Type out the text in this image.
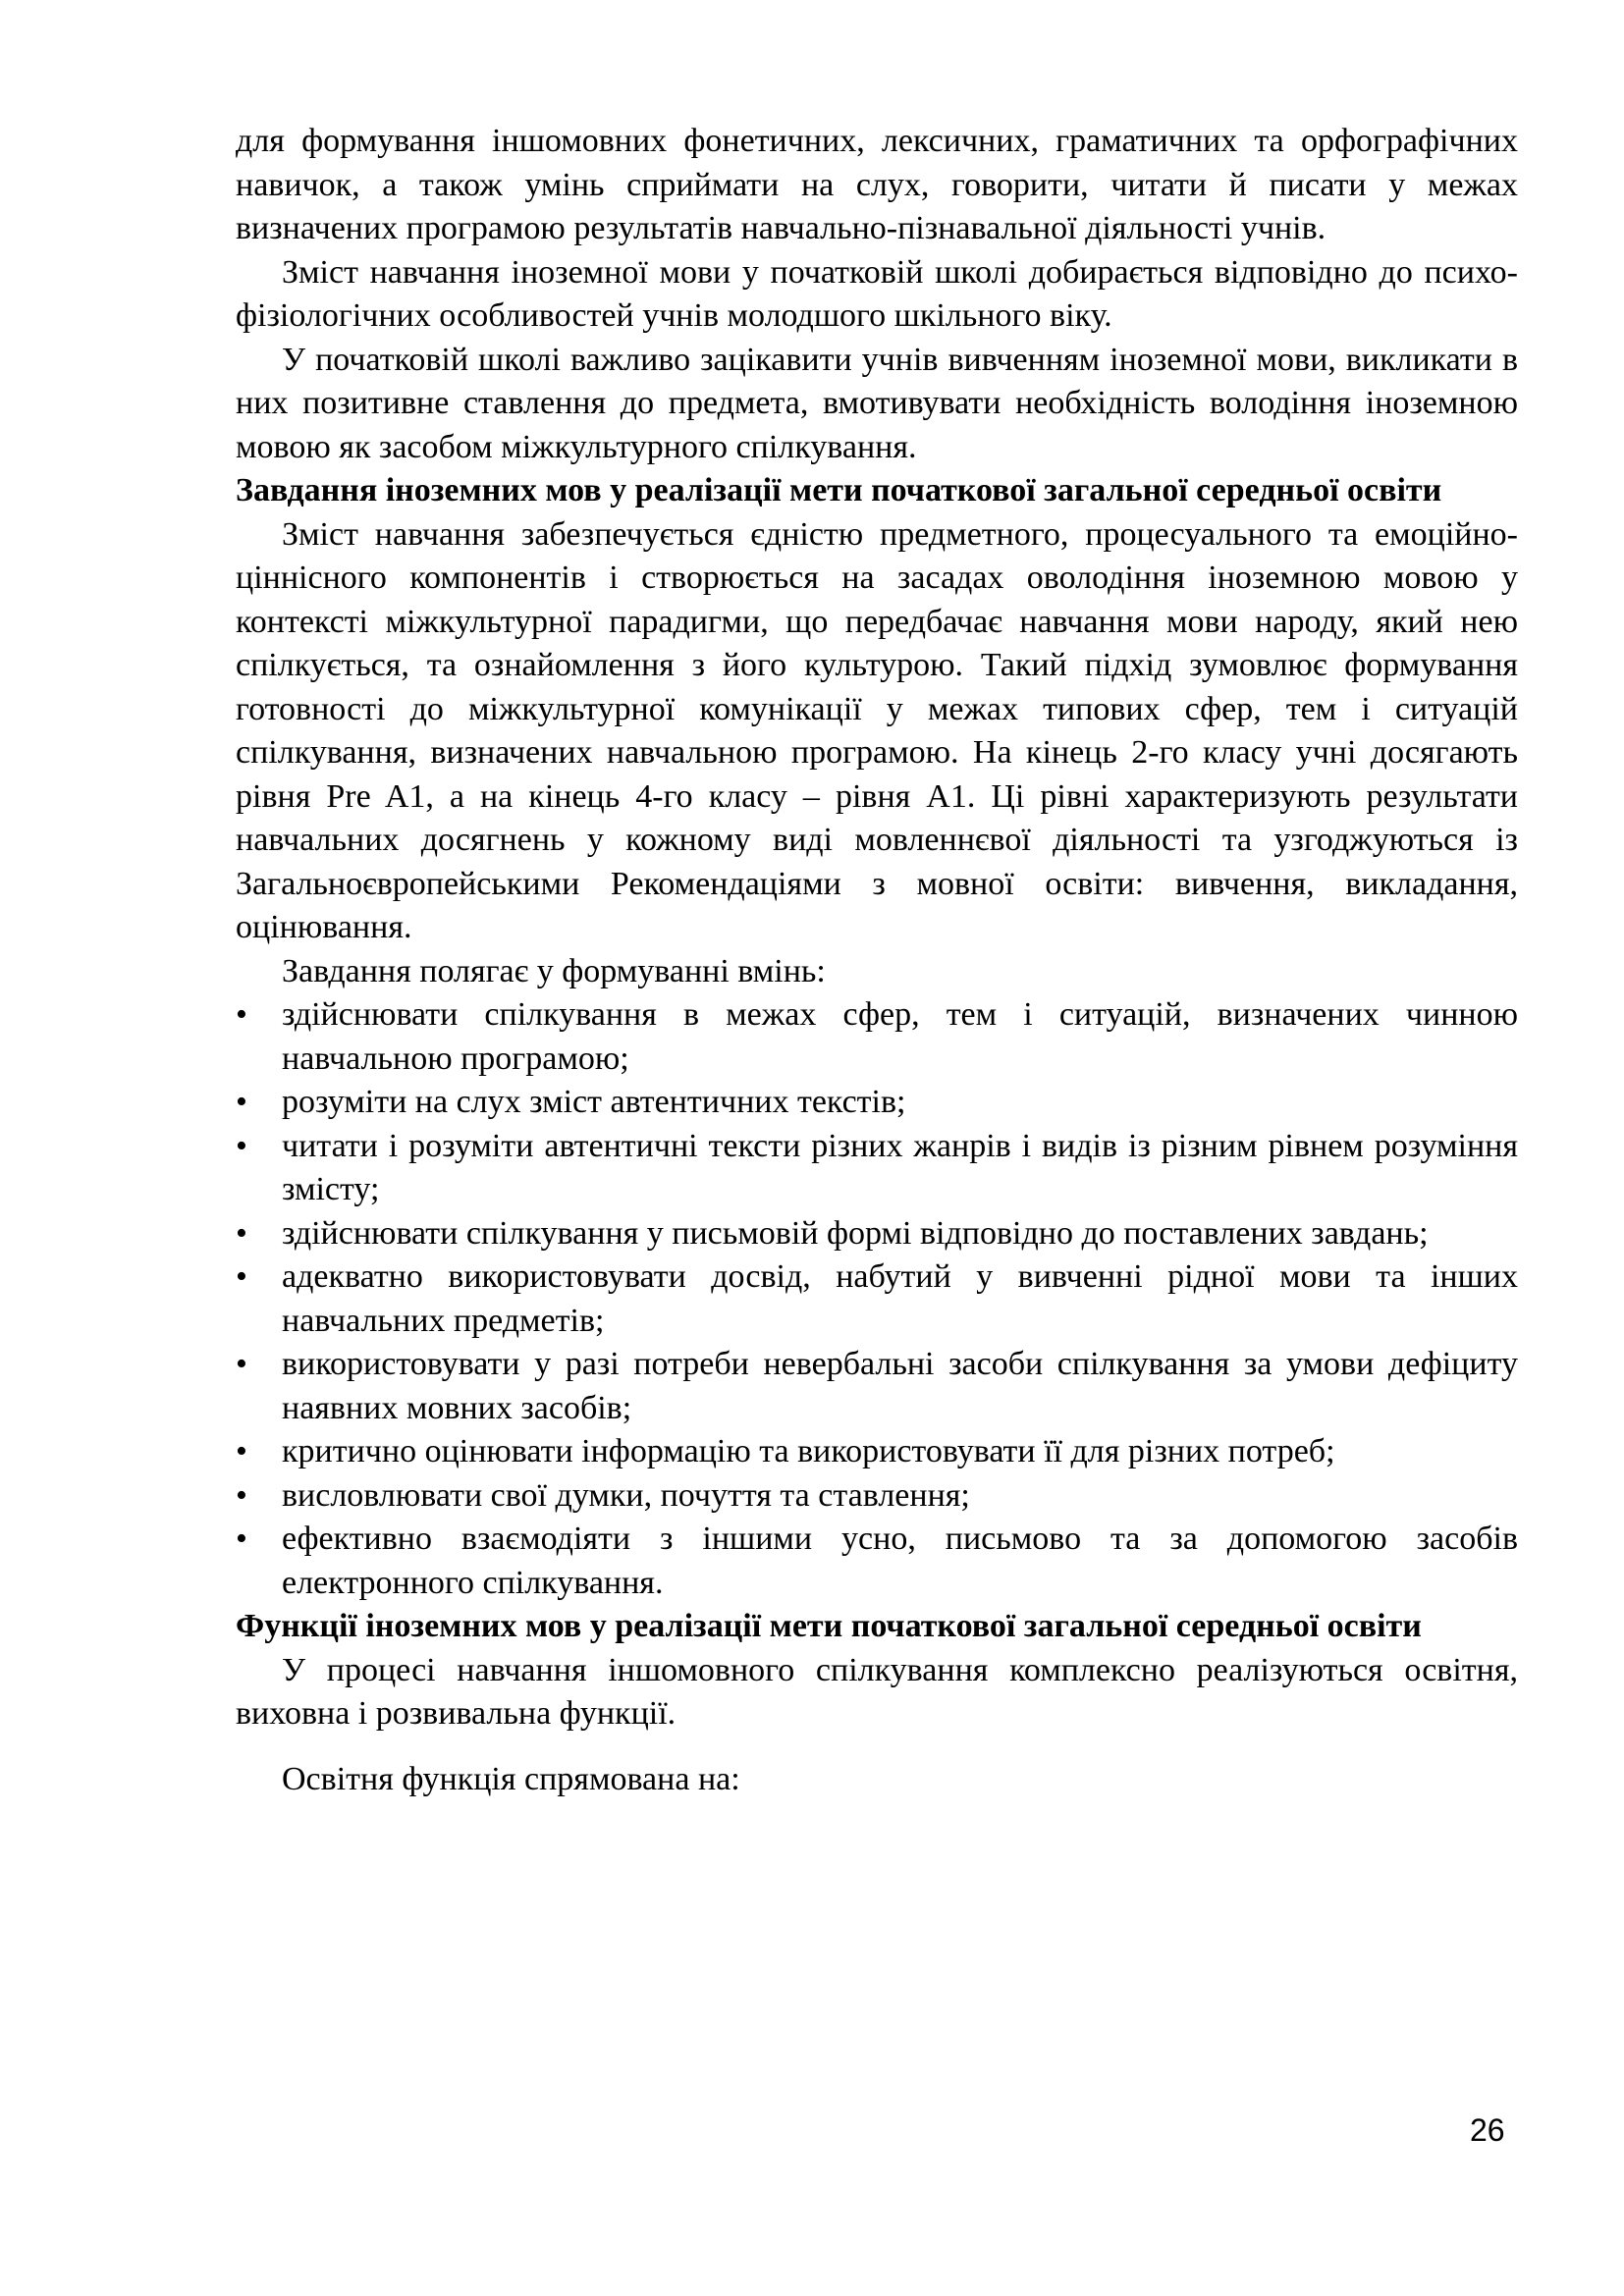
для формування іншомовних фонетичних, лексичних, граматичних та орфографічних навичок, а також умінь сприймати на слух, говорити, читати й писати у межах визначених програмою результатів навчально-пізнавальної діяльності учнів.

Зміст навчання іноземної мови у початковій школі добирається відповідно до психо-фізіологічних особливостей учнів молодшого шкільного віку.

У початковій школі важливо зацікавити учнів вивченням іноземної мови, викликати в них позитивне ставлення до предмета, вмотивувати необхідність володіння іноземною мовою як засобом міжкультурного спілкування.

Завдання іноземних мов у реалізації мети початкової загальної середньої освіти

Зміст навчання забезпечується єдністю предметного, процесуального та емоційно-ціннісного компонентів і створюється на засадах оволодіння іноземною мовою у контексті міжкультурної парадигми, що передбачає навчання мови народу, який нею спілкується, та ознайомлення з його культурою. Такий підхід зумовлює формування готовності до міжкультурної комунікації у межах типових сфер, тем і ситуацій спілкування, визначених навчальною програмою. На кінець 2-го класу учні досягають рівня Pre A1, а на кінець 4-го класу – рівня A1. Ці рівні характеризують результати навчальних досягнень у кожному виді мовленнєвої діяльності та узгоджуються із Загальноєвропейськими Рекомендаціями з мовної освіти: вивчення, викладання, оцінювання.

Завдання полягає у формуванні вмінь:

•	здійснювати спілкування в межах сфер, тем і ситуацій, визначених чинною навчальною програмою;
•	розуміти на слух зміст автентичних текстів;
•	читати і розуміти автентичні тексти різних жанрів і видів із різним рівнем розуміння змісту;
•	здійснювати спілкування у письмовій формі відповідно до поставлених завдань;
•	адекватно використовувати досвід, набутий у вивченні рідної мови та інших навчальних предметів;
•	використовувати у разі потреби невербальні засоби спілкування за умови дефіциту наявних мовних засобів;
•	критично оцінювати інформацію та використовувати її для різних потреб;
•	висловлювати свої думки, почуття та ставлення;
•	ефективно взаємодіяти з іншими усно, письмово та за допомогою засобів електронного спілкування.
Функції іноземних мов у реалізації мети початкової загальної середньої освіти

У процесі навчання іншомовного спілкування комплексно реалізуються освітня, виховна і розвивальна функції.

Освітня функція спрямована на:

26
